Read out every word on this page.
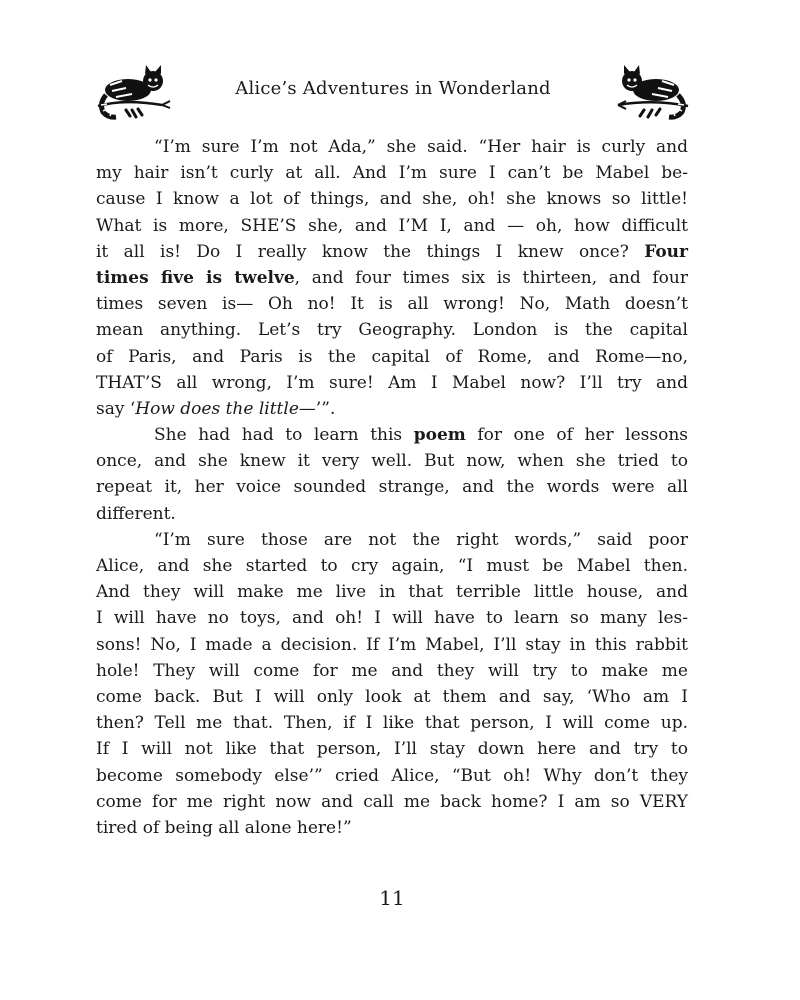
Alice’s Adventures in Wonderland
“I’m sure I’m not Ada,” she said. “Her hair is curly and
my hair isn’t curly at all. And I’m sure I can’t be Mabel be-
cause I know a lot of things, and she, oh! she knows so little!
What is more, SHE’S she, and I’M I, and — oh, how difficult
it all is! Do I really know the things I knew once? Four
times five is twelve, and four times six is thirteen, and four
times seven is— Oh no! It is all wrong! No, Math doesn’t
mean anything. Let’s try Geography. London is the capital
of Paris, and Paris is the capital of Rome, and Rome—no,
THAT’S all wrong, I’m sure! Am I Mabel now? I’ll try and
say ‘How does the little—’”.
She had had to learn this poem for one of her lessons
once, and she knew it very well. But now, when she tried to
repeat it, her voice sounded strange, and the words were all
different.
“I’m sure those are not the right words,” said poor
Alice, and she started to cry again, “I must be Mabel then.
And they will make me live in that terrible little house, and
I will have no toys, and oh! I will have to learn so many les-
sons! No, I made a decision. If I’m Mabel, I’ll stay in this rabbit
hole! They will come for me and they will try to make me
come back. But I will only look at them and say, ‘Who am I
then? Tell me that. Then, if I like that person, I will come up.
If I will not like that person, I’ll stay down here and try to
become somebody else’” cried Alice, “But oh! Why don’t they
come for me right now and call me back home? I am so VERY
tired of being all alone here!”
11
